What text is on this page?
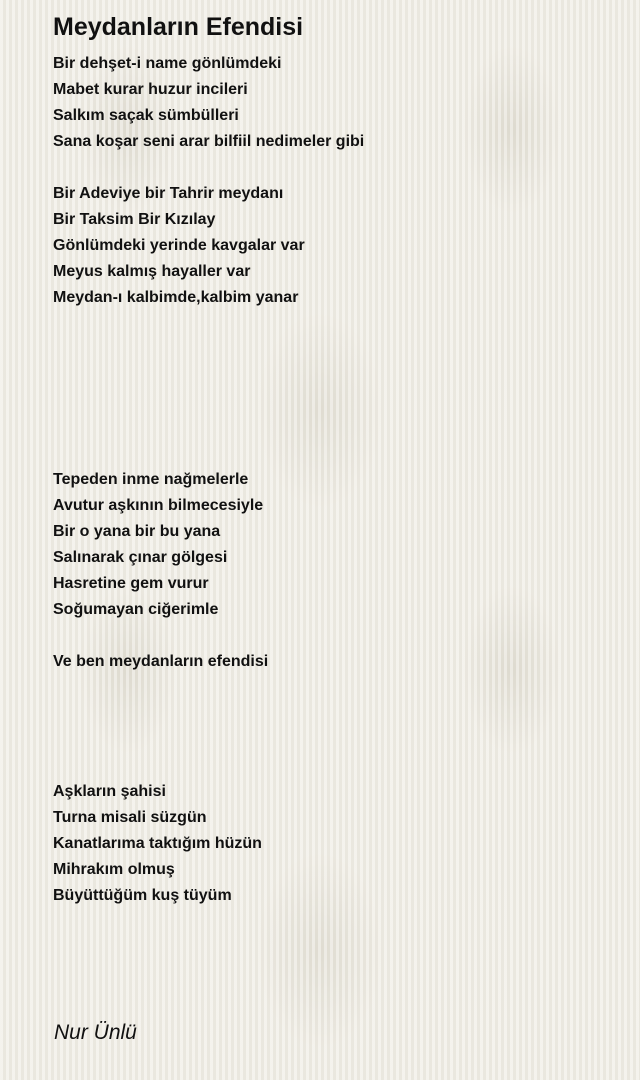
Meydanların Efendisi
Bir dehşet-i name gönlümdeki
Mabet kurar huzur incileri
Salkım saçak sümbülleri
Sana koşar seni arar bilfiil nedimeler gibi
Bir Adeviye bir Tahrir meydanı
Bir Taksim Bir Kızılay
Gönlümdeki yerinde kavgalar var
Meyus kalmış hayaller var
Meydan-ı kalbimde,kalbim yanar
Tepeden inme nağmelerle
Avutur aşkının bilmecesiyle
Bir o yana bir bu yana
Salınarak çınar gölgesi
Hasretine gem vurur
Soğumayan ciğerimle
Ve ben meydanların efendisi
Aşkların şahisi
Turna misali süzgün
Kanatlarıma taktığım hüzün
Mihrakım olmuş
Büyüttüğüm kuş tüyüm
Nur Ünlü
